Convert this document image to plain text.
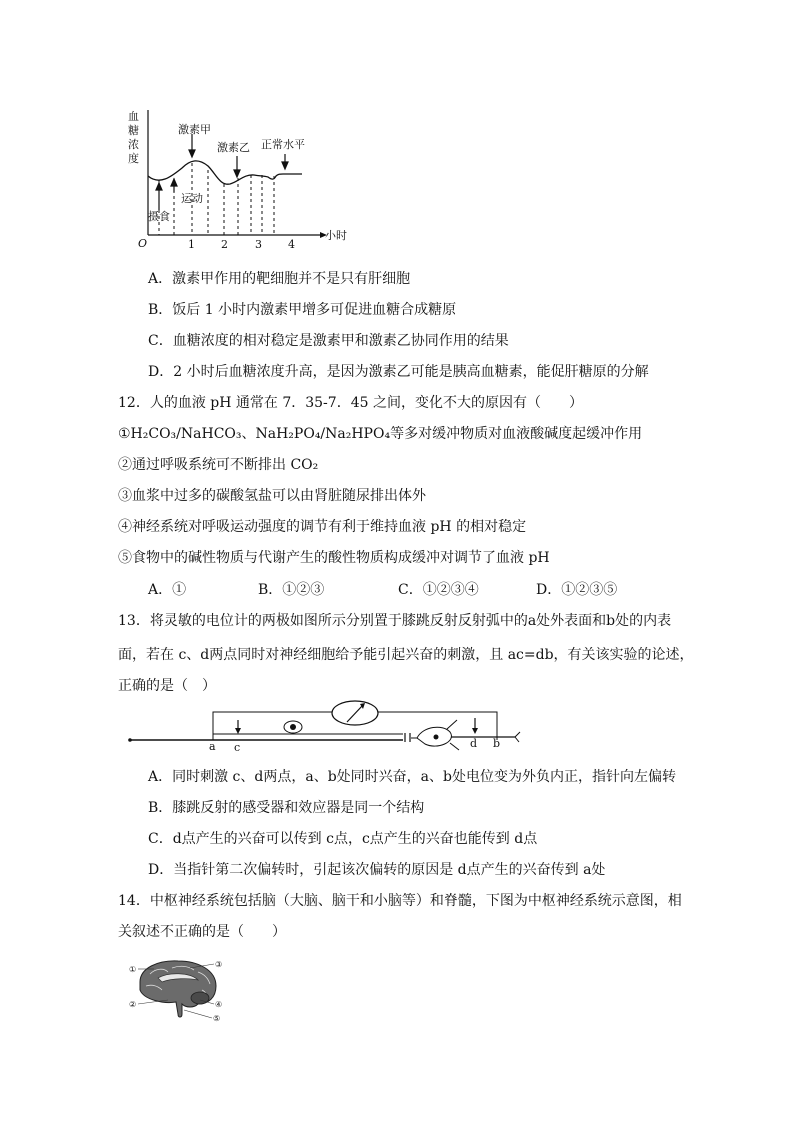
血
糖
浓
度
小时
O	1 2 3 4
激素甲
激素乙 正常水平
运动
摄食
A．激素甲作用的靶细胞并不是只有肝细胞
B．饭后 1 小时内激素甲增多可促进血糖合成糖原
C．血糖浓度的相对稳定是激素甲和激素乙协同作用的结果
D．2 小时后血糖浓度升高，是因为激素乙可能是胰高血糖素，能促肝糖原的分解
12．人的血液 pH 通常在 7．35-7．45 之间，变化不大的原因有（　　）
①H₂CO₃/NaHCO₃、NaH₂PO₄/Na₂HPO₄等多对缓冲物质对血液酸碱度起缓冲作用
②通过呼吸系统可不断排出 CO₂
③血浆中过多的碳酸氢盐可以由肾脏随尿排出体外
④神经系统对呼吸运动强度的调节有利于维持血液 pH 的相对稳定
⑤食物中的碱性物质与代谢产生的酸性物质构成缓冲对调节了血液 pH
A．①	B．①②③	C．①②③④	D．①②③⑤
13．将灵敏的电位计的两极如图所示分别置于膝跳反射反射弧中的a处外表面和b处的内表
面，若在 c、d两点同时对神经细胞给予能引起兴奋的刺激，且 ac=db，有关该实验的论述，
正确的是（　）
a c	d b
A．同时刺激 c、d两点，a、b处同时兴奋，a、b处电位变为外负内正，指针向左偏转
B．膝跳反射的感受器和效应器是同一个结构
C．d点产生的兴奋可以传到 c点，c点产生的兴奋也能传到 d点
D．当指针第二次偏转时，引起该次偏转的原因是 d点产生的兴奋传到 a处
14．中枢神经系统包括脑（大脑、脑干和小脑等）和脊髓，下图为中枢神经系统示意图，相
关叙述不正确的是（　　）
①
②
③
④
⑤
